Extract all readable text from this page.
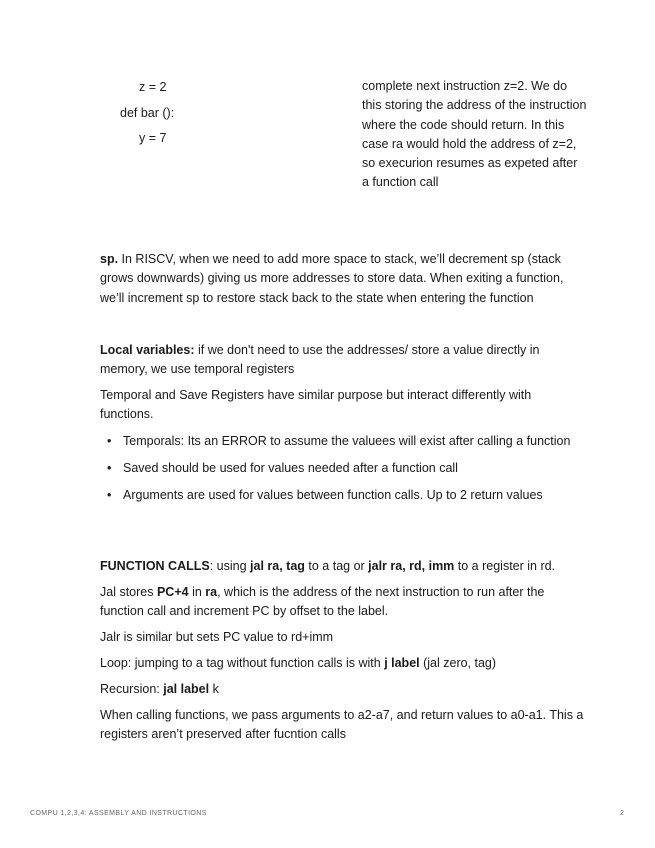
z = 2
def bar ():
y = 7
complete next instruction z=2. We do this storing the address of the instruction where the code should return. In this case ra would hold the address of z=2, so execurion resumes as expeted after a function call
sp. In RISCV, when we need to add more space to stack, we’ll decrement sp (stack grows downwards) giving us more addresses to store data. When exiting a function, we’ll increment sp to restore stack back to the state when entering the function
Local variables: if we don't need to use the addresses/ store a value directly in memory, we use temporal registers
Temporal and Save Registers have similar purpose but interact differently with functions.
• Temporals: Its an ERROR to assume the valuees will exist after calling a function
• Saved should be used for values needed after a function call
• Arguments are used for values between function calls. Up to 2 return values
FUNCTION CALLS: using jal ra, tag to a tag or jalr ra, rd, imm to a register in rd.
Jal stores PC+4 in ra, which is the address of the next instruction to run after the function call and increment PC by offset to the label.
Jalr is similar but sets PC value to rd+imm
Loop: jumping to a tag without function calls is with j label (jal zero, tag)
Recursion: jal label k
When calling functions, we pass arguments to a2-a7, and return values to a0-a1. This a registers aren’t preserved after fucntion calls
COMPU 1,2,3,4: ASSEMBLY AND INSTRUCTIONS	2
